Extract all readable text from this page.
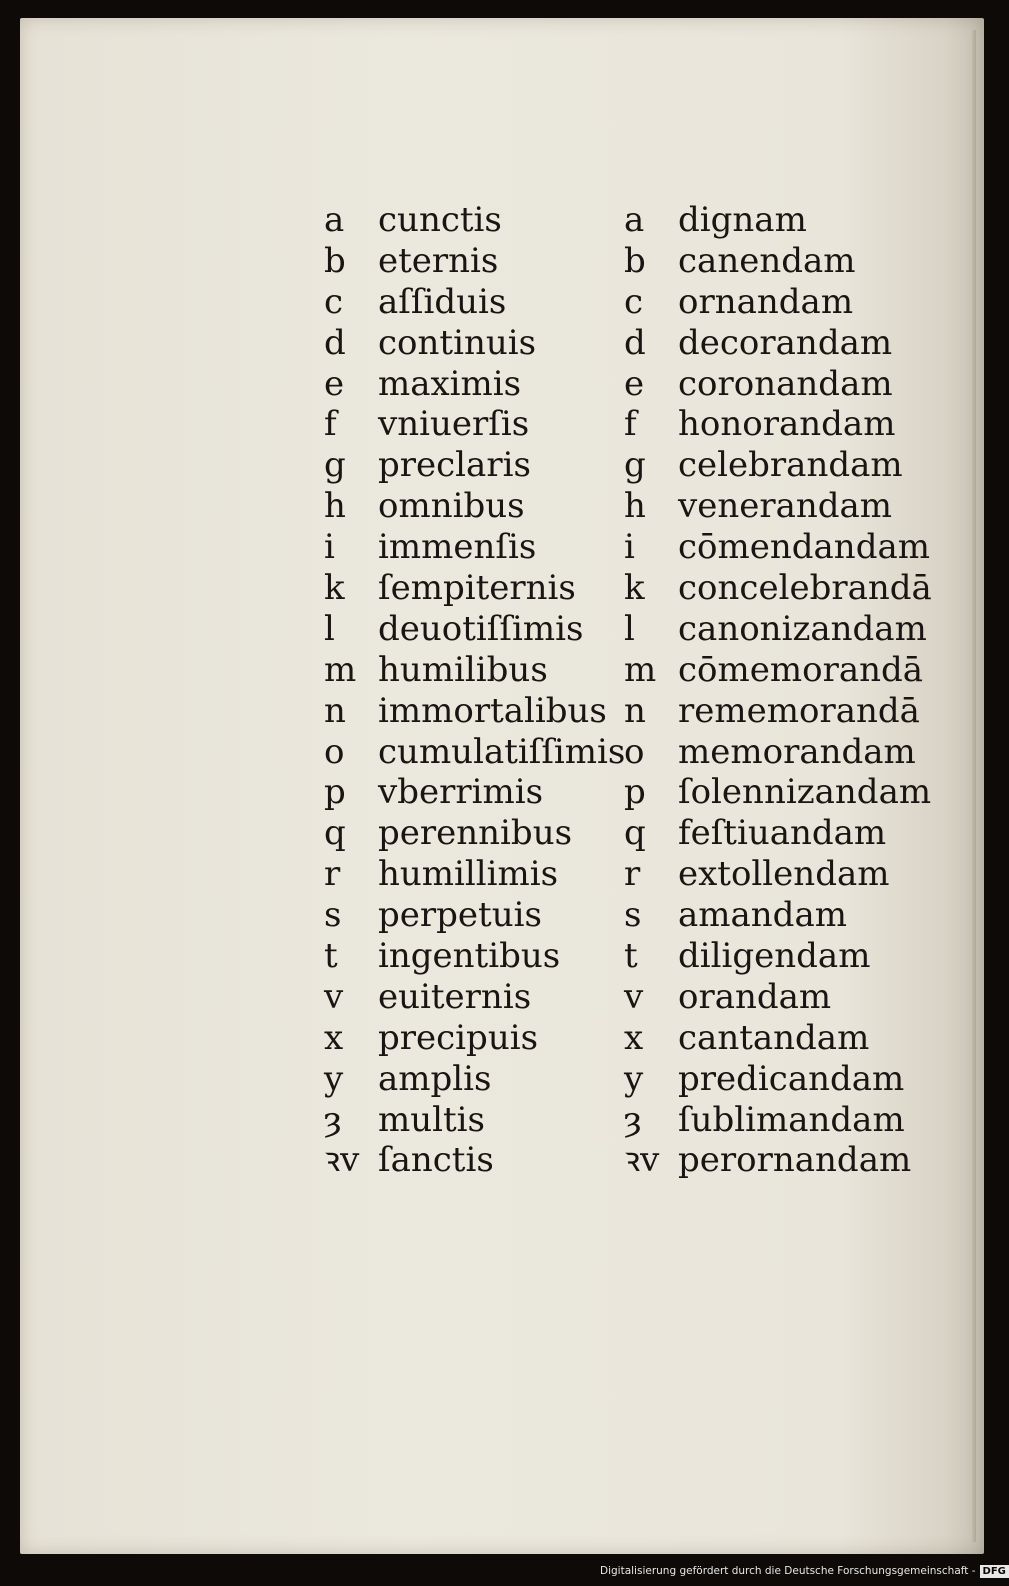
a cunctis
b eternis
c aſſiduis
d continuis
e maximis
f vniuerſis
g preclaris
h omnibus
i immenſis
k ſempiternis
l deuotiſſimis
m humilibus
n immortalibus
o cumulatiſſimis
p vberrimis
q perennibus
r humillimis
s perpetuis
t ingentibus
v euiternis
x precipuis
y amplis
ȝ multis
ꝛv ſanctis
a dignam
b canendam
c ornandam
d decorandam
e coronandam
f honorandam
g celebrandam
h venerandam
i cōmendandam
k concelebrandā
l canonizandam
m cōmemorandā
n rememorandā
o memorandam
p ſolennizandam
q feſtiuandam
r extollendam
s amandam
t diligendam
v orandam
x cantandam
y predicandam
ȝ ſublimandam
ꝛv perornandam
Digitalisierung gefördert durch die Deutsche Forschungsgemeinschaft - DFG
